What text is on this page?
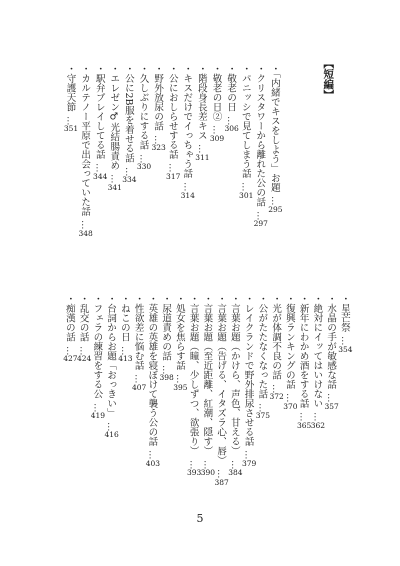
【短編】
・「内緒でキスをしよう」お題…295
・クリスタワーから離れた公の話…297
・パニッシで見てしまう話…301
・敬老の日…306
・敬老の日②…309
・階段身長差キス…311
・キスだけでイっちゃう話…314
・公におしらせする話…317
・野外放尿の話…323
・久しぶりにする話…330
・公に2B服を着せる話…334
・エレゼン♂光結腸責め…341
・駅弁プレイしてる話…344
・カルテノー平原で出会っていた話…348
・守護天節…351
・星芒祭…354
・水晶の手が敏感な話…357
・絶対にイッてはいけない…362
・新年にわかめ酒をする話…365
・復興ランキングの話…370
・光が体調不良の話…372
・公がたたなくなった話…375
・レイクランドで野外排尿させる話…379
・言葉お題（かけら、声色、甘える）…384
・言葉お題（告げる、イタズラ心、唇）…387
・言葉お題（至近距離、紅潮、隠す）…390
・言葉お題（瞳、少しずつ、欲張り）…393
・処女を焦らす話…395
・尿道責めの話…398
・英雄の英雄を寝ぼけて襲う公の話…403
・性欲差に悩む話…407
・ねこの日…413
・台詞からお題「おっきい」…416
・フェラの練習をする公…419
・乱交の話…424
・痴漢の話…427
5
